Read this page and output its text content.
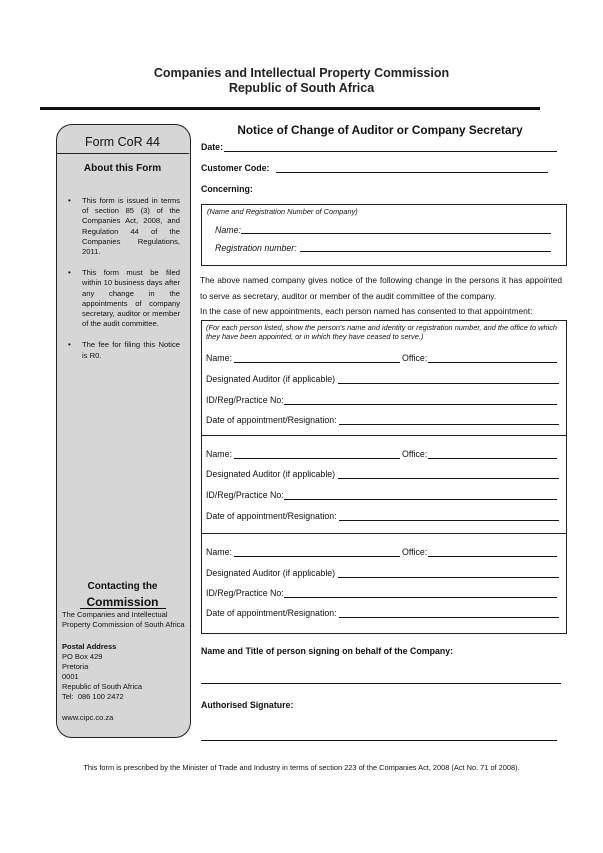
Companies and Intellectual Property Commission
Republic of South Africa
Form CoR 44
About this Form
• This form is issued in terms of section 85 (3) of the Companies Act, 2008, and Regulation 44 of the Companies Regulations, 2011.
• This form must be filed within 10 business days after any change in the appointments of company secretary, auditor or member of the audit committee.
• The fee for filing this Notice is R0.
Contacting the
Commission
The Companies and Intellectual Property Commission of South Africa
Postal Address
PO Box 429
Pretoria
0001
Republic of South Africa
Tel:  086 100 2472
www.cipc.co.za
Notice of Change of Auditor or Company Secretary
Date:
Customer Code:
Concerning:
(Name and Registration Number of Company)
Name:
Registration number:
The above named company gives notice of the following change in the persons it has appointed to serve as secretary, auditor or member of the audit committee of the company.
In the case of new appointments, each person named has consented to that appointment:
(For each person listed, show the person's name and identity or registration number, and the office to which they have been appointed, or in which they have ceased to serve.)
Name:	Office:
Designated Auditor (if applicable)
ID/Reg/Practice No:
Date of appointment/Resignation:
Name:	Office:
Designated Auditor (if applicable)
ID/Reg/Practice No:
Date of appointment/Resignation:
Name:	Office:
Designated Auditor (if applicable)
ID/Reg/Practice No:
Date of appointment/Resignation:
Name and Title of person signing on behalf of the Company:
Authorised Signature:
This form is prescribed by the Minister of Trade and Industry in terms of section 223 of the Companies Act, 2008 (Act No. 71 of 2008).
